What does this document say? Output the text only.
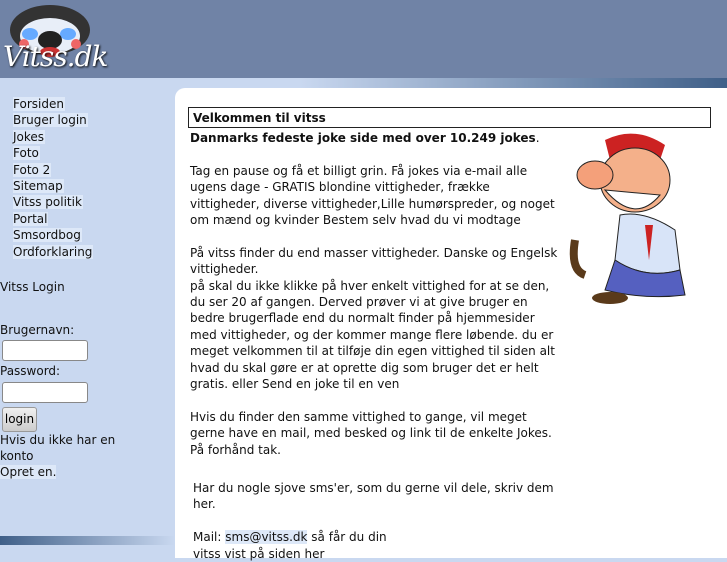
Vitss.dk
Forsiden
Bruger login
Jokes
Foto
Foto 2
Sitemap
Vitss politik
Portal
Smsordbog
Ordforklaring
Vitss Login

Brugernavn:
Password:
login
Hvis du ikke har en
konto
Opret en.
Velkommen til vitss

Danmarks fedeste joke side med over 10.249 jokes.

Tag en pause og få et billigt grin. Få jokes via e-mail alle ugens dage - GRATIS blondine vittigheder, frække vittigheder, diverse vittigheder,Lille humørspreder, og noget om mænd og kvinder Bestem selv hvad du vi modtage

På vitss finder du end masser vittigheder. Danske og Engelsk vittigheder.
på skal du ikke klikke på hver enkelt vittighed for at se den, du ser 20 af gangen. Derved prøver vi at give bruger en bedre brugerflade end du normalt finder på hjemmesider med vittigheder, og der kommer mange flere løbende. du er meget velkommen til at tilføje din egen vittighed til siden alt hvad du skal gøre er at oprette dig som bruger det er helt gratis. eller Send en joke til en ven

Hvis du finder den samme vittighed to gange, vil meget gerne have en mail, med besked og link til de enkelte Jokes. På forhånd tak.

Har du nogle sjove sms'er, som du gerne vil dele, skriv dem her.

Mail: sms@vitss.dk så får du din
vitss vist på siden her
